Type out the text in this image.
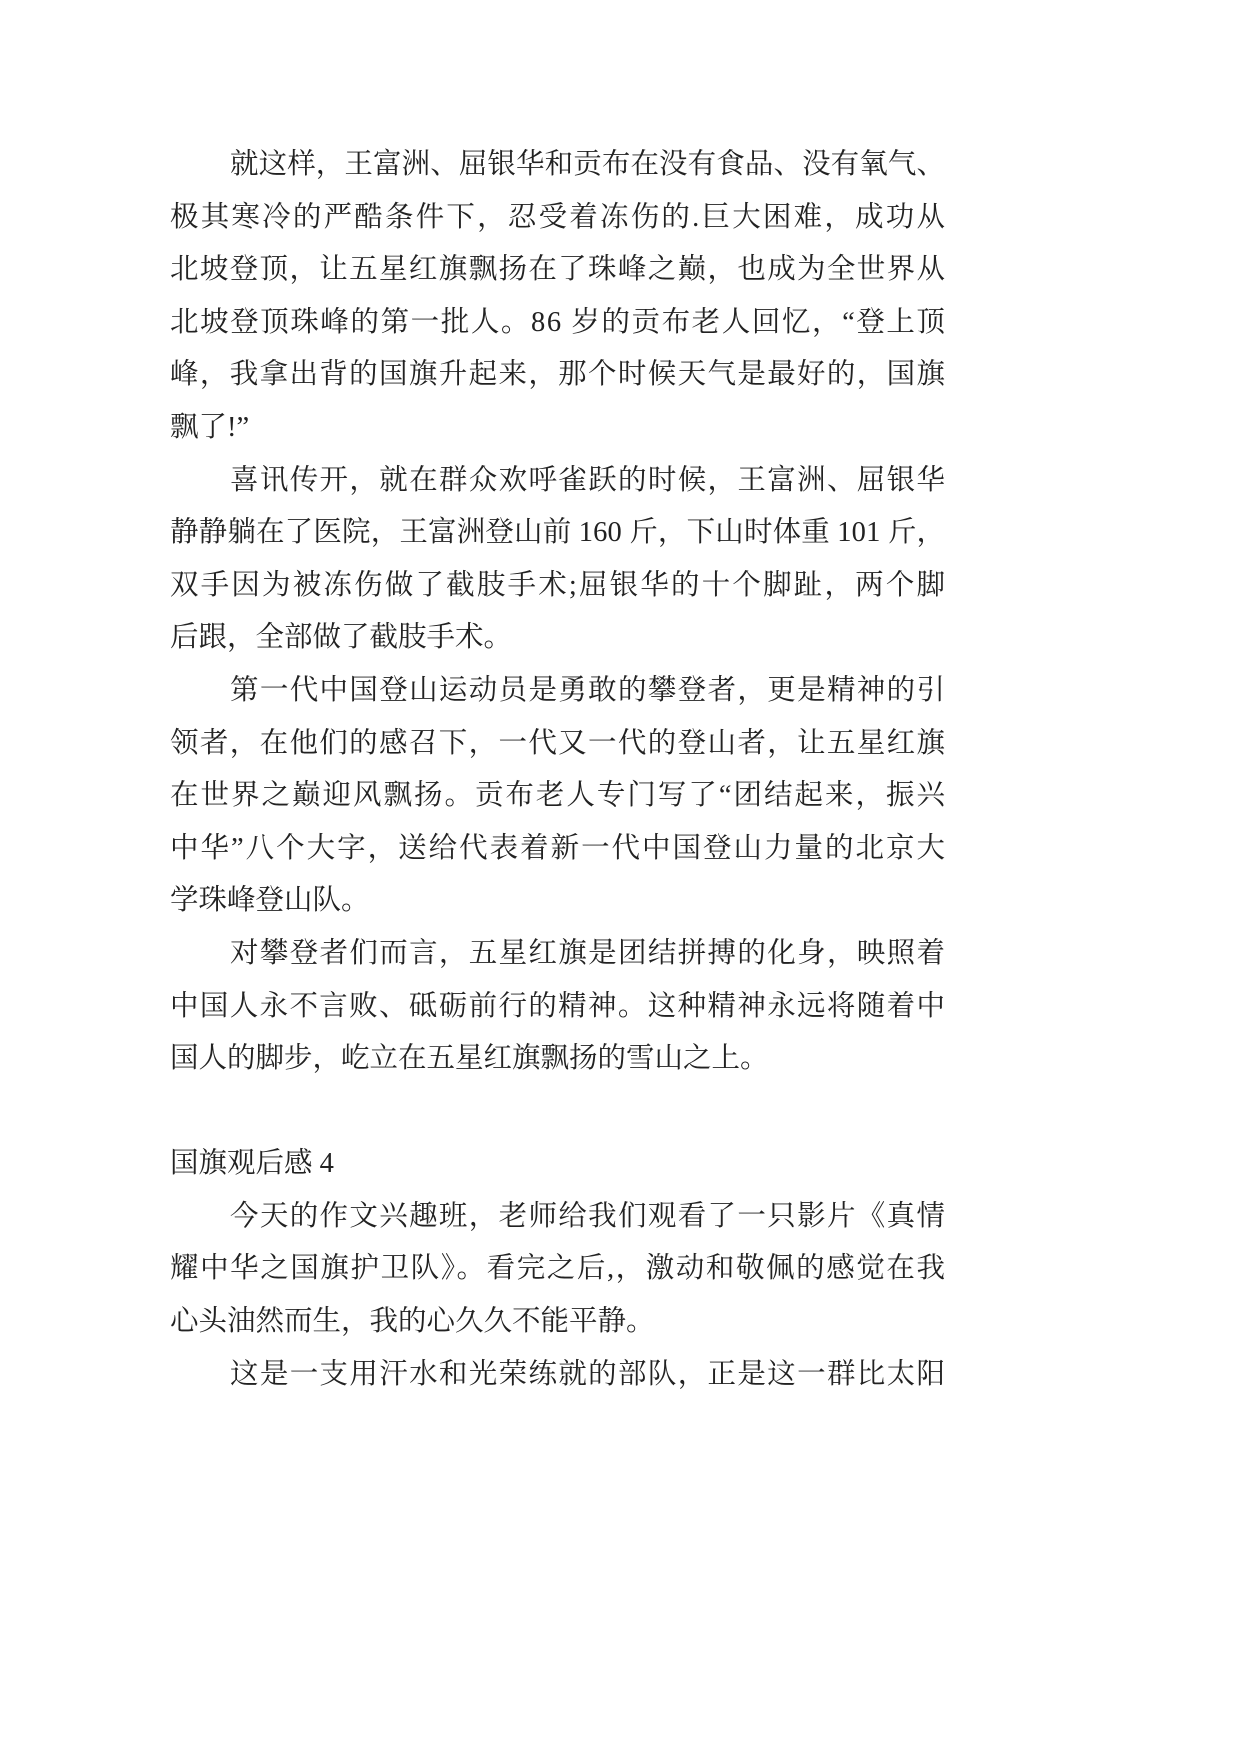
就这样，王富洲、屈银华和贡布在没有食品、没有氧气、
极其寒冷的严酷条件下，忍受着冻伤的.巨大困难，成功从
北坡登顶，让五星红旗飘扬在了珠峰之巅，也成为全世界从
北坡登顶珠峰的第一批人。86 岁的贡布老人回忆，“登上顶
峰，我拿出背的国旗升起来，那个时候天气是最好的，国旗
飘了!”
喜讯传开，就在群众欢呼雀跃的时候，王富洲、屈银华
静静躺在了医院，王富洲登山前 160 斤，下山时体重 101 斤，
双手因为被冻伤做了截肢手术;屈银华的十个脚趾，两个脚
后跟，全部做了截肢手术。
第一代中国登山运动员是勇敢的攀登者，更是精神的引
领者，在他们的感召下，一代又一代的登山者，让五星红旗
在世界之巅迎风飘扬。贡布老人专门写了“团结起来，振兴
中华”八个大字，送给代表着新一代中国登山力量的北京大
学珠峰登山队。
对攀登者们而言，五星红旗是团结拼搏的化身，映照着
中国人永不言败、砥砺前行的精神。这种精神永远将随着中
国人的脚步，屹立在五星红旗飘扬的雪山之上。
国旗观后感 4
今天的作文兴趣班，老师给我们观看了一只影片《真情
耀中华之国旗护卫队》。看完之后,，激动和敬佩的感觉在我
心头油然而生，我的心久久不能平静。
这是一支用汗水和光荣练就的部队，正是这一群比太阳
